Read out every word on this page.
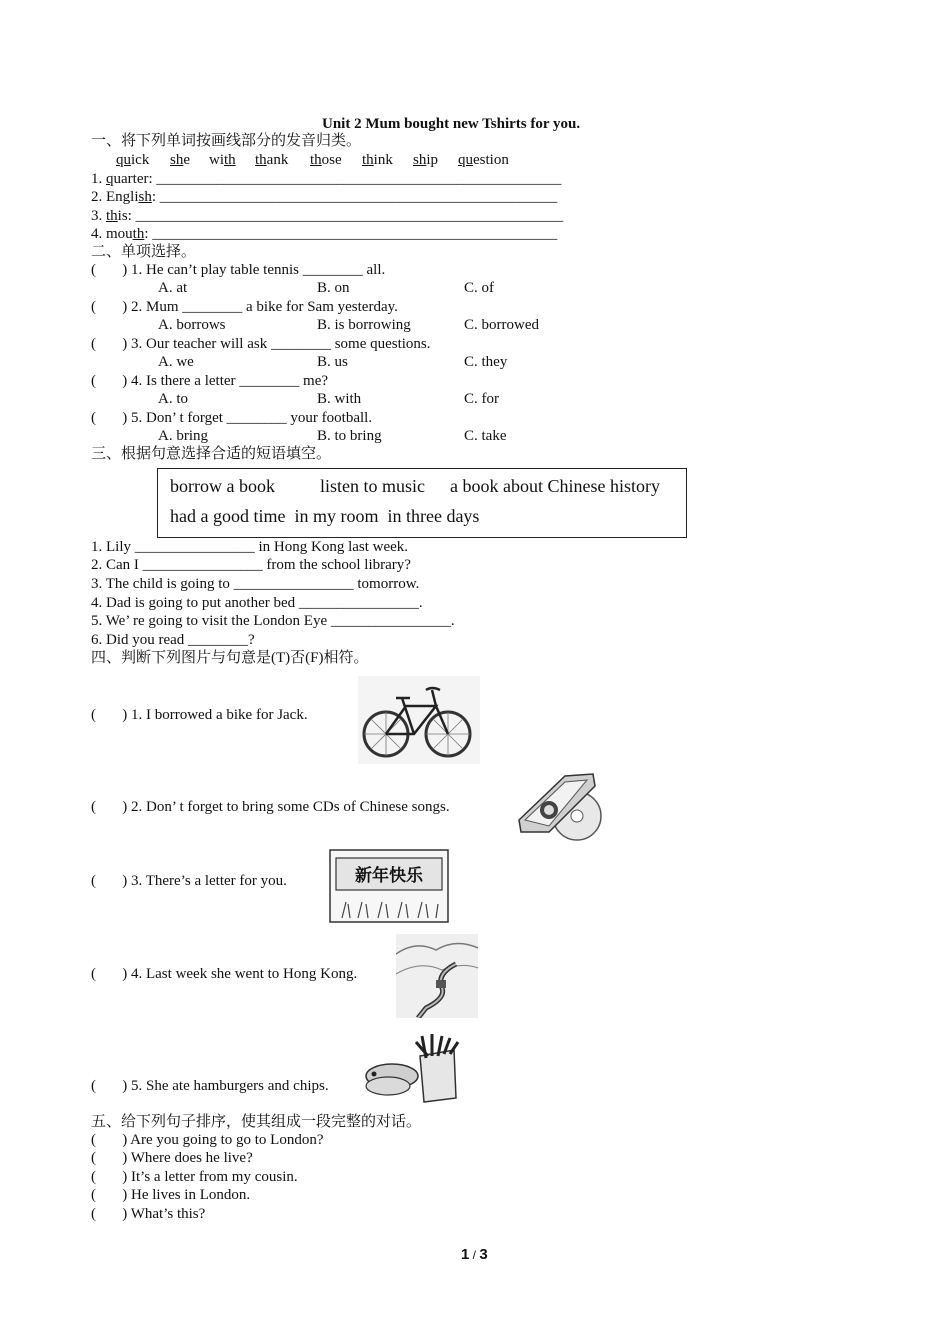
Unit 2 Mum bought new Tshirts for you.
一、将下列单词按画线部分的发音归类。
quick she with thank those think ship question
1. quarter: ______________________________________________________
2. English: _____________________________________________________
3. this: _________________________________________________________
4. mouth: ______________________________________________________
二、单项选择。
(       ) 1. He can’t play table tennis ________ all.
A. at	B. on	C. of
(       ) 2. Mum ________ a bike for Sam yesterday.
A. borrows	B. is borrowing	C. borrowed
(       ) 3. Our teacher will ask ________ some questions.
A. we	B. us	C. they
(       ) 4. Is there a letter ________ me?
A. to	B. with	C. for
(       ) 5. Don’ t forget ________ your football.
A. bring	B. to bring	C. take
三、根据句意选择合适的短语填空。
borrow a book	listen to music a book about Chinese history
had a good time  in my room  in three days
1. Lily ________________ in Hong Kong last week.
2. Can I ________________ from the school library?
3. The child is going to ________________ tomorrow.
4. Dad is going to put another bed ________________.
5. We’ re going to visit the London Eye ________________.
6. Did you read ________?
四、判断下列图片与句意是(T)否(F)相符。
(       ) 1. I borrowed a bike for Jack.
(       ) 2. Don’ t forget to bring some CDs of Chinese songs.
(       ) 3. There’s a letter for you.	新年快乐
(       ) 4. Last week she went to Hong Kong.
(       ) 5. She ate hamburgers and chips.
五、给下列句子排序，使其组成一段完整的对话。
(       ) Are you going to go to London?
(       ) Where does he live?
(       ) It’s a letter from my cousin.
(       ) He lives in London.
(       ) What’s this?
1 / 3
